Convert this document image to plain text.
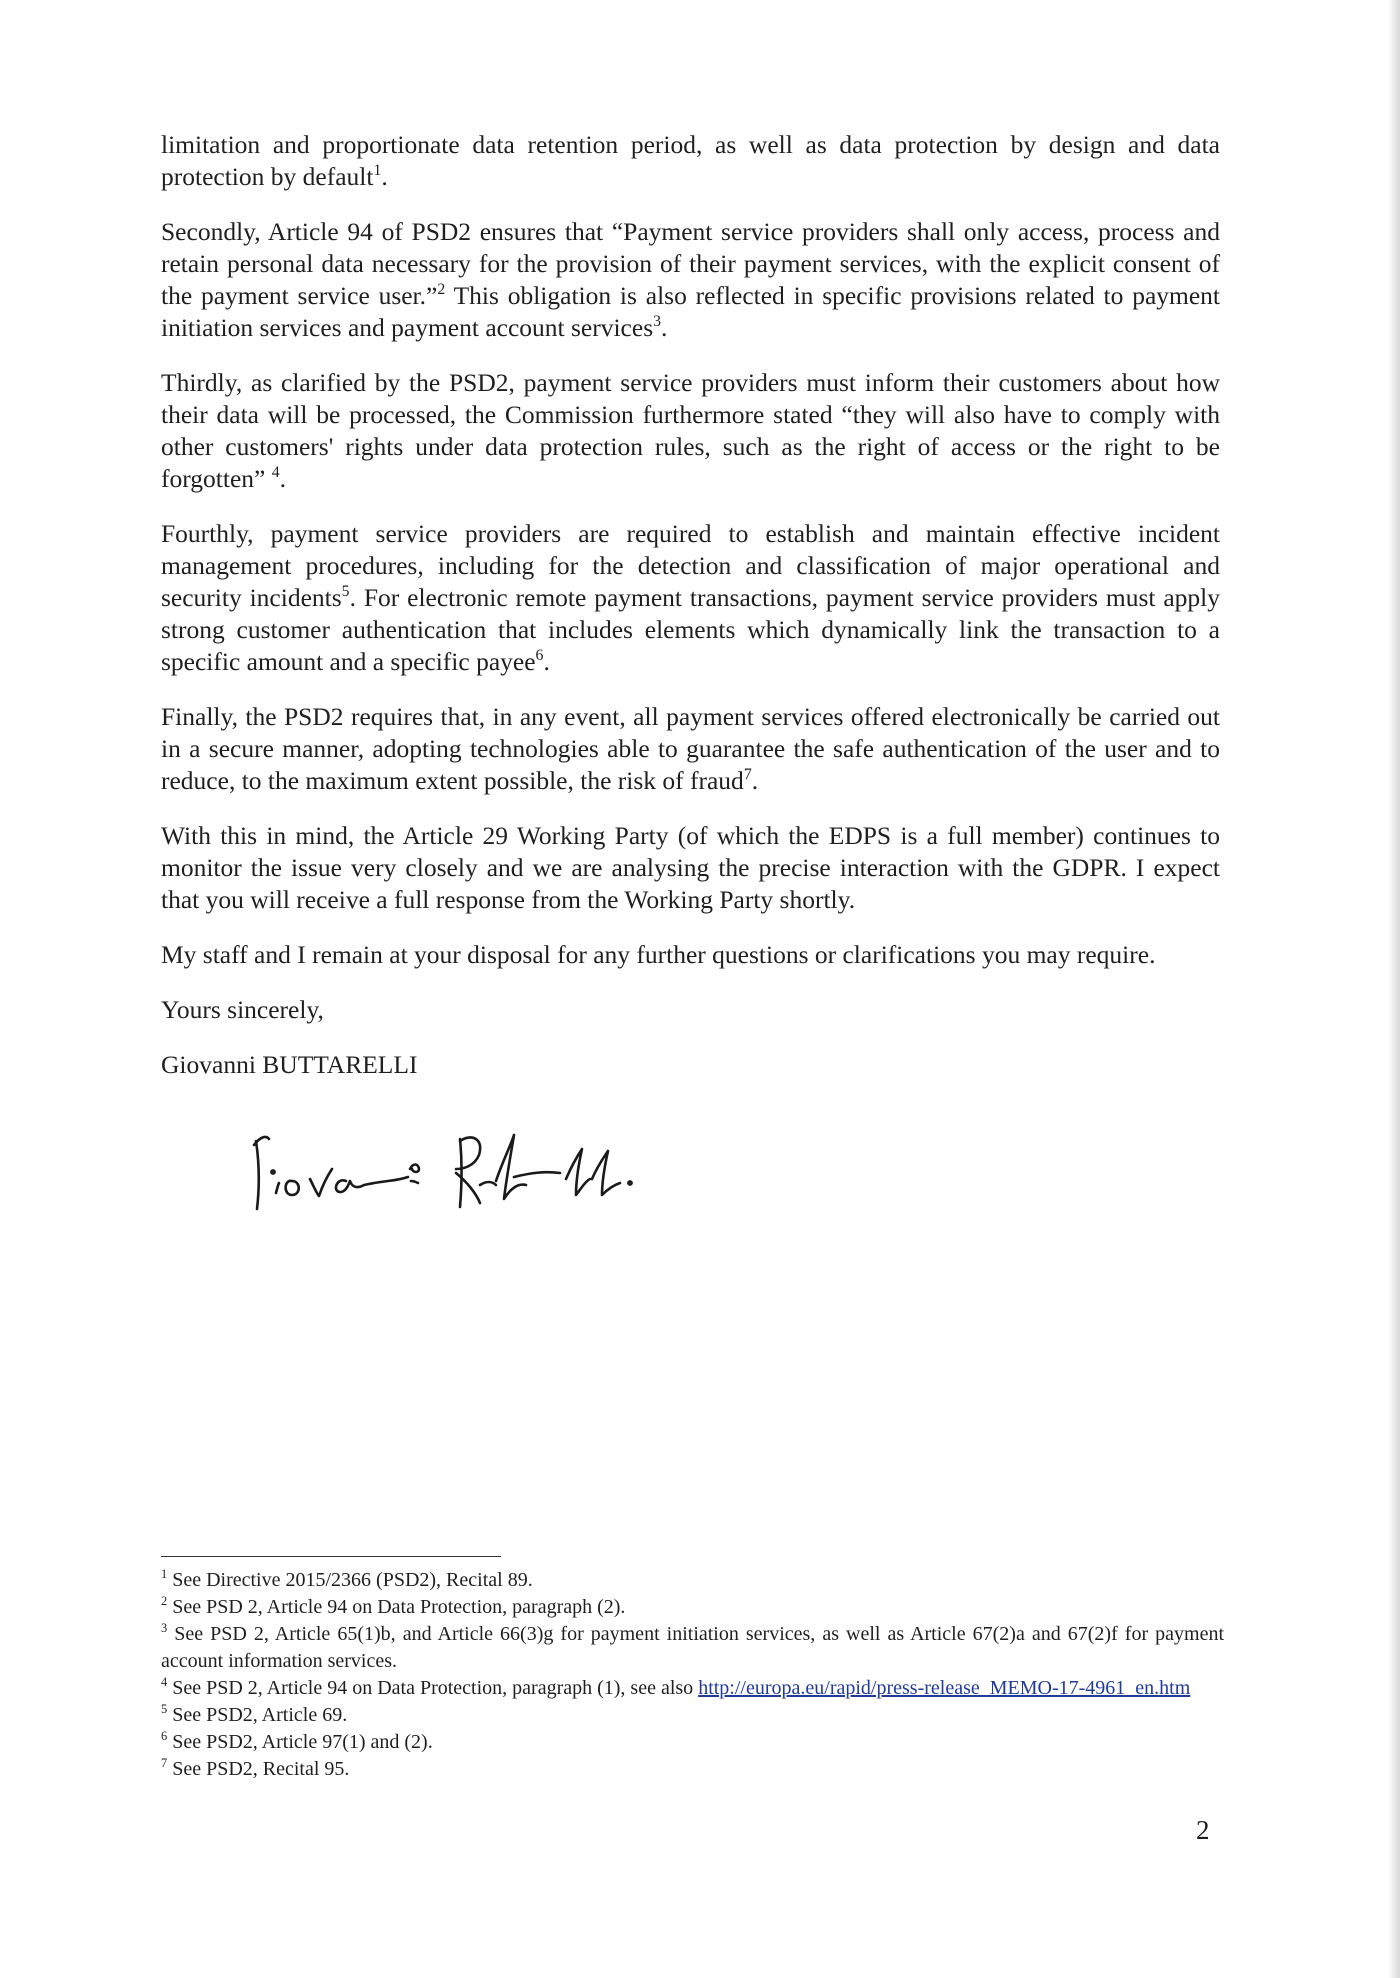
limitation and proportionate data retention period, as well as data protection by design and data protection by default$^1$.

Secondly, Article 94 of PSD2 ensures that “Payment service providers shall only access, process and retain personal data necessary for the provision of their payment services, with the explicit consent of the payment service user.”$^2$ This obligation is also reflected in specific provisions related to payment initiation services and payment account services$^3$.

Thirdly, as clarified by the PSD2, payment service providers must inform their customers about how their data will be processed, the Commission furthermore stated “they will also have to comply with other customers' rights under data protection rules, such as the right of access or the right to be forgotten” $^4$.

Fourthly, payment service providers are required to establish and maintain effective incident management procedures, including for the detection and classification of major operational and security incidents$^5$. For electronic remote payment transactions, payment service providers must apply strong customer authentication that includes elements which dynamically link the transaction to a specific amount and a specific payee$^6$.

Finally, the PSD2 requires that, in any event, all payment services offered electronically be carried out in a secure manner, adopting technologies able to guarantee the safe authentication of the user and to reduce, to the maximum extent possible, the risk of fraud$^7$.

With this in mind, the Article 29 Working Party (of which the EDPS is a full member) continues to monitor the issue very closely and we are analysing the precise interaction with the GDPR. I expect that you will receive a full response from the Working Party shortly.

My staff and I remain at your disposal for any further questions or clarifications you may require.

Yours sincerely,

Giovanni BUTTARELLI

$^1$ See Directive 2015/2366 (PSD2), Recital 89.

$^2$ See PSD 2, Article 94 on Data Protection, paragraph (2).

$^3$ See PSD 2, Article 65(1)b, and Article 66(3)g for payment initiation services, as well as Article 67(2)a and 67(2)f for payment account information services.

$^4$ See PSD 2, Article 94 on Data Protection, paragraph (1), see also http://europa.eu/rapid/press-release_MEMO-17-4961_en.htm

$^5$ See PSD2, Article 69.

$^6$ See PSD2, Article 97(1) and (2).

$^7$ See PSD2, Recital 95.

2
